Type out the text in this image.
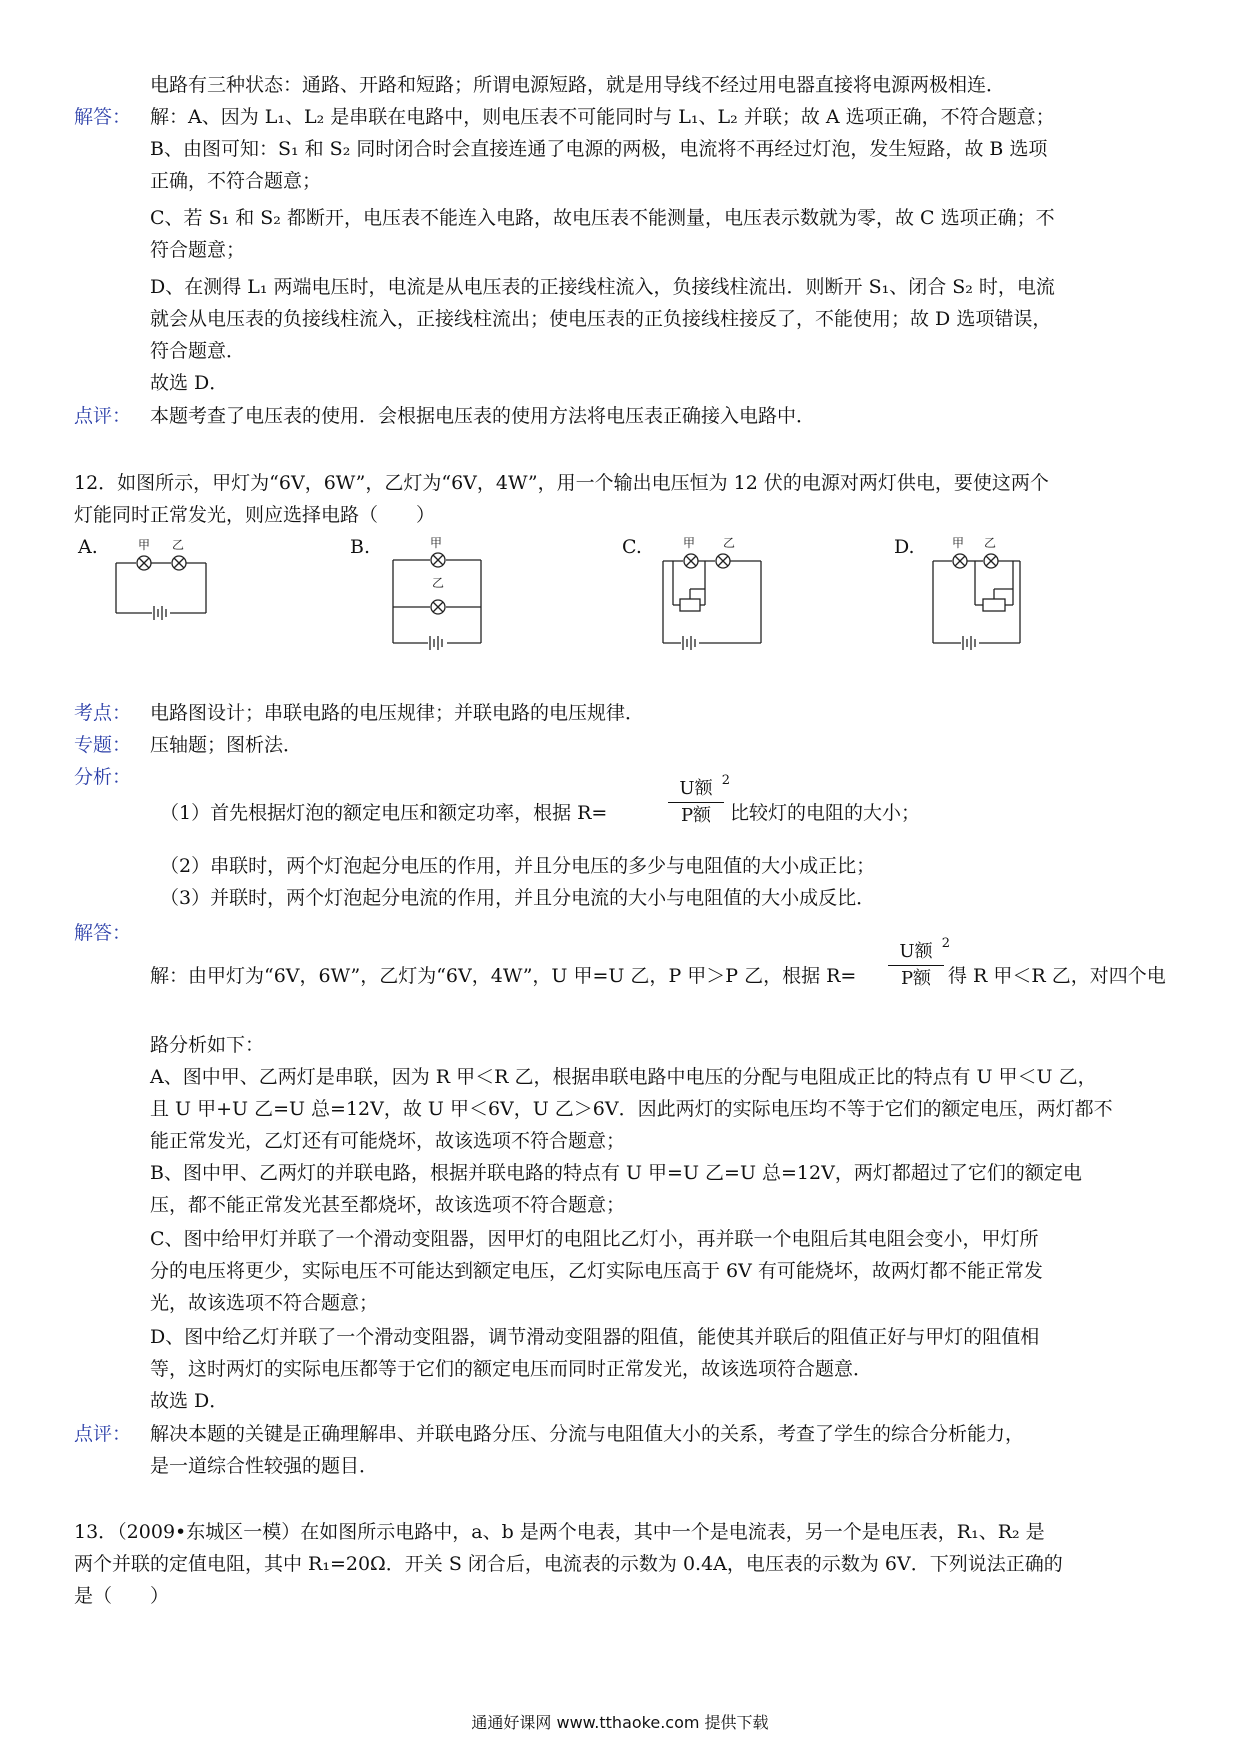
电路有三种状态：通路、开路和短路；所谓电源短路，就是用导线不经过用电器直接将电源两极相连．
解答： 解：A、因为 L₁、L₂ 是串联在电路中，则电压表不可能同时与 L₁、L₂ 并联；故 A 选项正确，不符合题意；
B、由图可知：S₁ 和 S₂ 同时闭合时会直接连通了电源的两极，电流将不再经过灯泡，发生短路，故 B 选项
正确，不符合题意；
C、若 S₁ 和 S₂ 都断开，电压表不能连入电路，故电压表不能测量，电压表示数就为零，故 C 选项正确；不
符合题意；
D、在测得 L₁ 两端电压时，电流是从电压表的正接线柱流入，负接线柱流出．则断开 S₁、闭合 S₂ 时，电流
就会从电压表的负接线柱流入，正接线柱流出；使电压表的正负接线柱接反了，不能使用；故 D 选项错误，
符合题意．
故选 D．
点评： 本题考查了电压表的使用．会根据电压表的使用方法将电压表正确接入电路中．
12．如图所示，甲灯为“6V，6W”，乙灯为“6V，4W”，用一个输出电压恒为 12 伏的电源对两灯供电，要使这两个
灯能同时正常发光，则应选择电路（　　）
A.	B.	C.	D.
甲 乙	甲
乙
甲 乙	甲 乙
考点： 电路图设计；串联电路的电压规律；并联电路的电压规律．
专题： 压轴题；图析法．
分析：
（1）首先根据灯泡的额定电压和额定功率，根据 R=
U额 2
P额 比较灯的电阻的大小；
（2）串联时，两个灯泡起分电压的作用，并且分电压的多少与电阻值的大小成正比；
（3）并联时，两个灯泡起分电流的作用，并且分电流的大小与电阻值的大小成反比．
解答：
解：由甲灯为“6V，6W”，乙灯为“6V，4W”，U 甲=U 乙，P 甲＞P 乙，根据 R=
U额 2
P额 得 R 甲＜R 乙，对四个电
路分析如下：
A、图中甲、乙两灯是串联，因为 R 甲＜R 乙，根据串联电路中电压的分配与电阻成正比的特点有 U 甲＜U 乙，
且 U 甲+U 乙=U 总=12V，故 U 甲＜6V，U 乙＞6V．因此两灯的实际电压均不等于它们的额定电压，两灯都不
能正常发光，乙灯还有可能烧坏，故该选项不符合题意；
B、图中甲、乙两灯的并联电路，根据并联电路的特点有 U 甲=U 乙=U 总=12V，两灯都超过了它们的额定电
压，都不能正常发光甚至都烧坏，故该选项不符合题意；
C、图中给甲灯并联了一个滑动变阻器，因甲灯的电阻比乙灯小，再并联一个电阻后其电阻会变小，甲灯所
分的电压将更少，实际电压不可能达到额定电压，乙灯实际电压高于 6V 有可能烧坏，故两灯都不能正常发
光，故该选项不符合题意；
D、图中给乙灯并联了一个滑动变阻器，调节滑动变阻器的阻值，能使其并联后的阻值正好与甲灯的阻值相
等，这时两灯的实际电压都等于它们的额定电压而同时正常发光，故该选项符合题意．
故选 D．
点评： 解决本题的关键是正确理解串、并联电路分压、分流与电阻值大小的关系，考查了学生的综合分析能力，
是一道综合性较强的题目．
13．（2009•东城区一模）在如图所示电路中，a、b 是两个电表，其中一个是电流表，另一个是电压表，R₁、R₂ 是
两个并联的定值电阻，其中 R₁=20Ω．开关 S 闭合后，电流表的示数为 0.4A，电压表的示数为 6V．下列说法正确的
是（　　）
通通好课网 www.tthaoke.com 提供下载
